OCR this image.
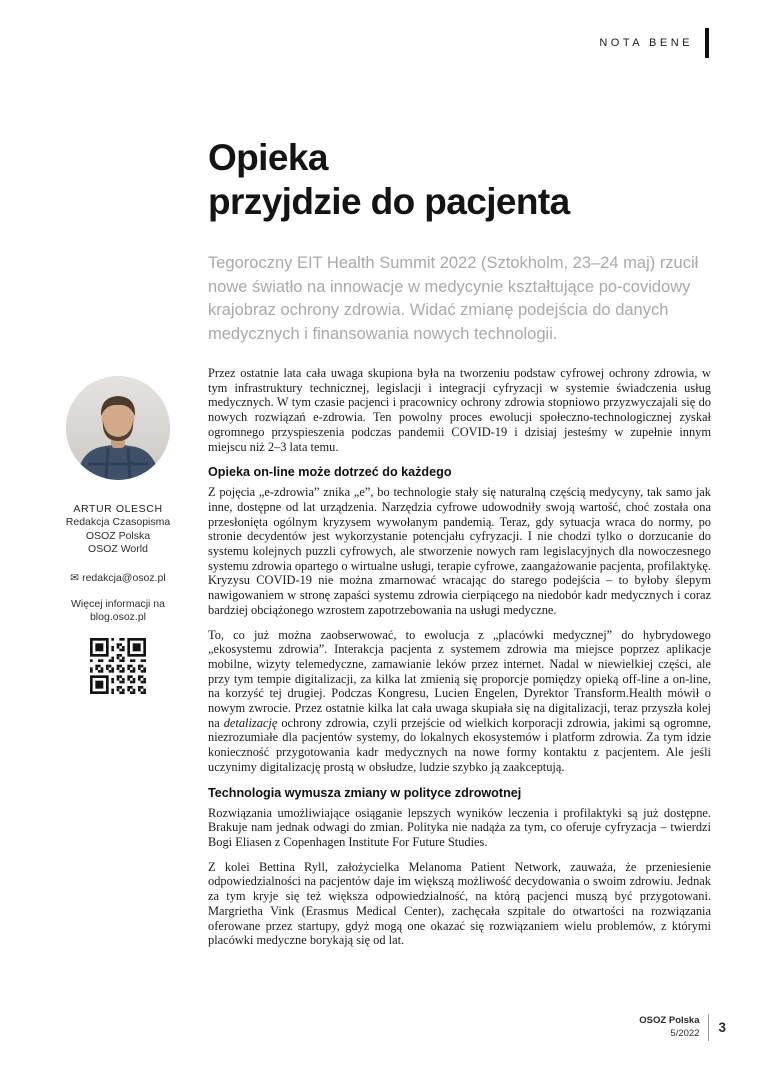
NOTA BENE
Opieka
przyjdzie do pacjenta

Tegoroczny EIT Health Summit 2022 (Sztokholm, 23–24 maj) rzucił nowe światło na innowacje w medycynie kształtujące po-covidowy krajobraz ochrony zdrowia. Widać zmianę podejścia do danych medycznych i finansowania nowych technologii.

ARTUR OLESCH
Redakcja Czasopisma
OSOZ Polska
OSOZ World
✉ redakcja@osoz.pl
Więcej informacji na
blog.osoz.pl

Przez ostatnie lata cała uwaga skupiona była na tworzeniu podstaw cyfrowej ochrony zdrowia, w tym infrastruktury technicznej, legislacji i integracji cyfryzacji w systemie świadczenia usług medycznych. W tym czasie pacjenci i pracownicy ochrony zdrowia stopniowo przyzwyczajali się do nowych rozwiązań e-zdrowia. Ten powolny proces ewolucji społeczno-technologicznej zyskał ogromnego przyspieszenia podczas pandemii COVID-19 i dzisiaj jesteśmy w zupełnie innym miejscu niż 2–3 lata temu.

Opieka on-line może dotrzeć do każdego

Z pojęcia „e-zdrowia” znika „e”, bo technologie stały się naturalną częścią medycyny, tak samo jak inne, dostępne od lat urządzenia. Narzędzia cyfrowe udowodniły swoją wartość, choć została ona przesłonięta ogólnym kryzysem wywołanym pandemią. Teraz, gdy sytuacja wraca do normy, po stronie decydentów jest wykorzystanie potencjału cyfryzacji. I nie chodzi tylko o dorzucanie do systemu kolejnych puzzli cyfrowych, ale stworzenie nowych ram legislacyjnych dla nowoczesnego systemu zdrowia opartego o wirtualne usługi, terapie cyfrowe, zaangażowanie pacjenta, profilaktykę. Kryzysu COVID-19 nie można zmarnować wracając do starego podejścia – to byłoby ślepym nawigowaniem w stronę zapaści systemu zdrowia cierpiącego na niedobór kadr medycznych i coraz bardziej obciążonego wzrostem zapotrzebowania na usługi medyczne.

To, co już można zaobserwować, to ewolucja z „placówki medycznej” do hybrydowego „ekosystemu zdrowia”. Interakcja pacjenta z systemem zdrowia ma miejsce poprzez aplikacje mobilne, wizyty telemedyczne, zamawianie leków przez internet. Nadal w niewielkiej części, ale przy tym tempie digitalizacji, za kilka lat zmienią się proporcje pomiędzy opieką off-line a on-line, na korzyść tej drugiej. Podczas Kongresu, Lucien Engelen, Dyrektor Transform.Health mówił o nowym zwrocie. Przez ostatnie kilka lat cała uwaga skupiała się na digitalizacji, teraz przyszła kolej na detalizację ochrony zdrowia, czyli przejście od wielkich korporacji zdrowia, jakimi są ogromne, niezrozumiałe dla pacjentów systemy, do lokalnych ekosystemów i platform zdrowia. Za tym idzie konieczność przygotowania kadr medycznych na nowe formy kontaktu z pacjentem. Ale jeśli uczynimy digitalizację prostą w obsłudze, ludzie szybko ją zaakceptują.

Technologia wymusza zmiany w polityce zdrowotnej

Rozwiązania umożliwiające osiąganie lepszych wyników leczenia i profilaktyki są już dostępne. Brakuje nam jednak odwagi do zmian. Polityka nie nadąża za tym, co oferuje cyfryzacja – twierdzi Bogi Eliasen z Copenhagen Institute For Future Studies.

Z kolei Bettina Ryll, założycielka Melanoma Patient Network, zauważa, że przeniesienie odpowiedzialności na pacjentów daje im większą możliwość decydowania o swoim zdrowiu. Jednak za tym kryje się też większa odpowiedzialność, na którą pacjenci muszą być przygotowani. Margrietha Vink (Erasmus Medical Center), zachęcała szpitale do otwartości na rozwiązania oferowane przez startupy, gdyż mogą one okazać się rozwiązaniem wielu problemów, z którymi placówki medyczne borykają się od lat.

OSOZ Polska
5/2022 3
